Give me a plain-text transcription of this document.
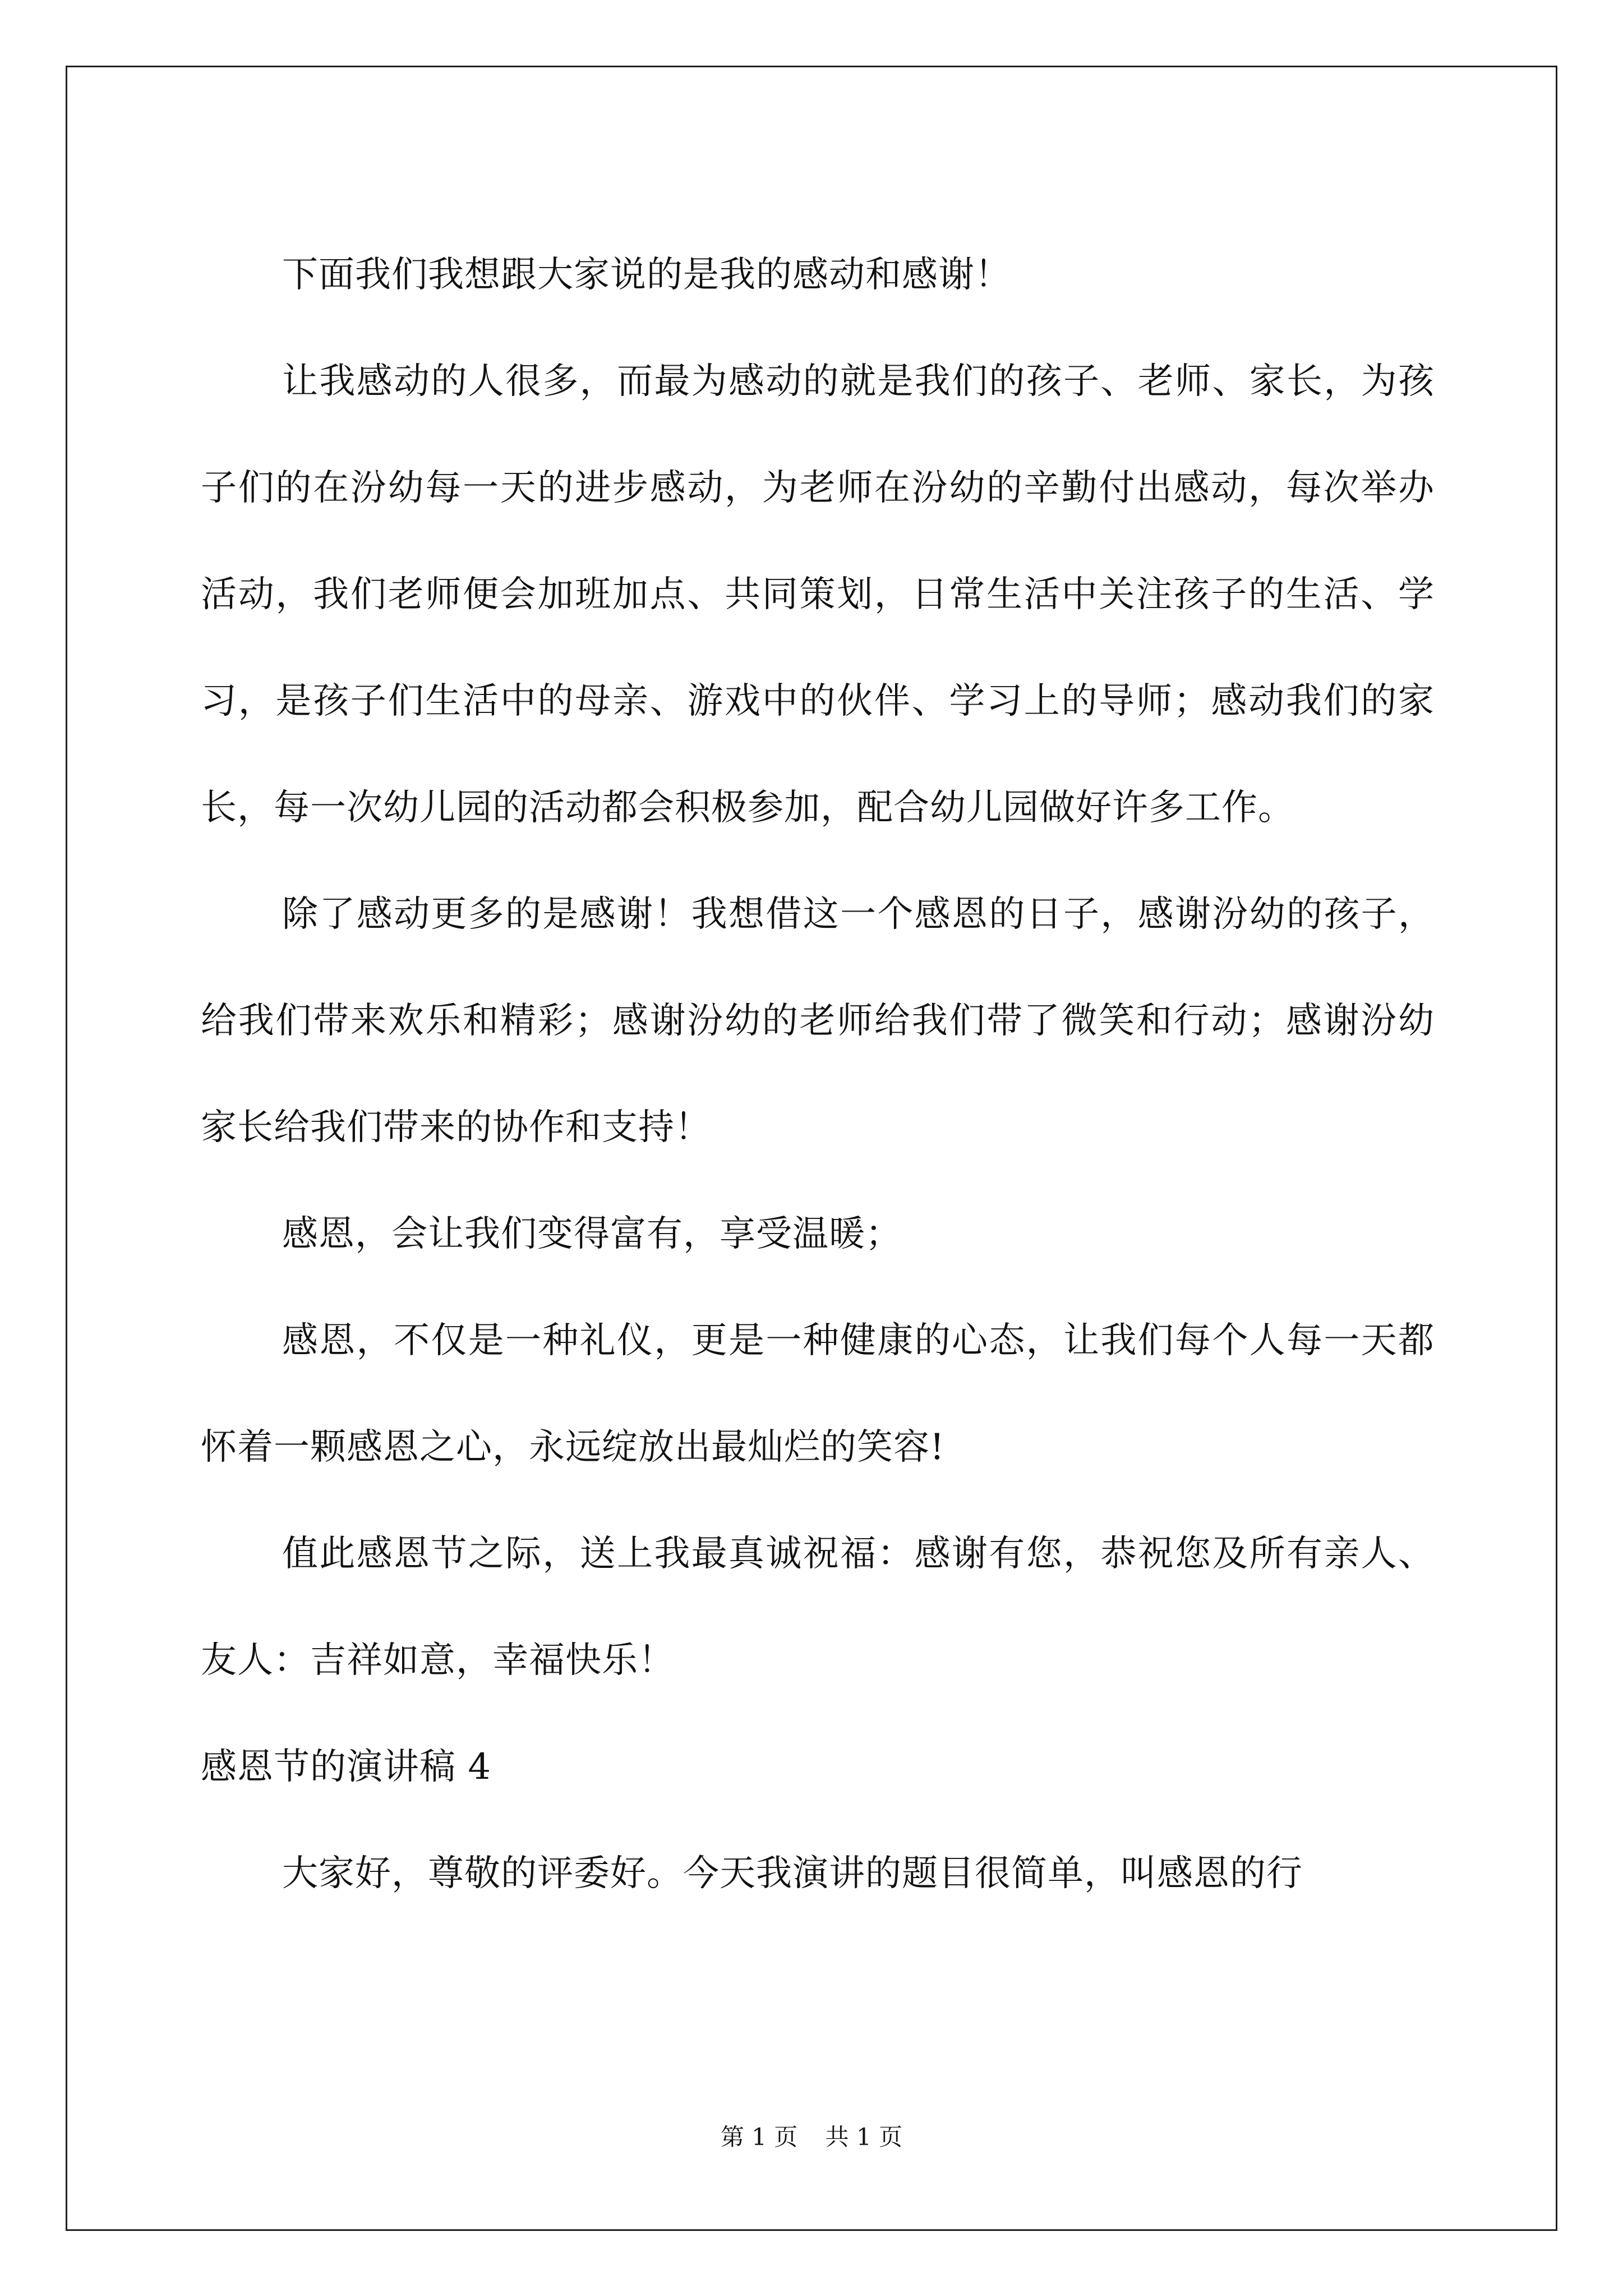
下面我们我想跟大家说的是我的感动和感谢！

让我感动的人很多，而最为感动的就是我们的孩子、老师、家长，为孩子们的在汾幼每一天的进步感动，为老师在汾幼的辛勤付出感动，每次举办活动，我们老师便会加班加点、共同策划，日常生活中关注孩子的生活、学习，是孩子们生活中的母亲、游戏中的伙伴、学习上的导师；感动我们的家长，每一次幼儿园的活动都会积极参加，配合幼儿园做好许多工作。

除了感动更多的是感谢！我想借这一个感恩的日子，感谢汾幼的孩子，给我们带来欢乐和精彩；感谢汾幼的老师给我们带了微笑和行动；感谢汾幼家长给我们带来的协作和支持！

感恩，会让我们变得富有，享受温暖；

感恩，不仅是一种礼仪，更是一种健康的心态，让我们每个人每一天都怀着一颗感恩之心，永远绽放出最灿烂的笑容!

值此感恩节之际，送上我最真诚祝福：感谢有您，恭祝您及所有亲人、友人：吉祥如意，幸福快乐！

感恩节的演讲稿 4

大家好，尊敬的评委好。今天我演讲的题目很简单，叫感恩的行

第 1 页 共 1 页
